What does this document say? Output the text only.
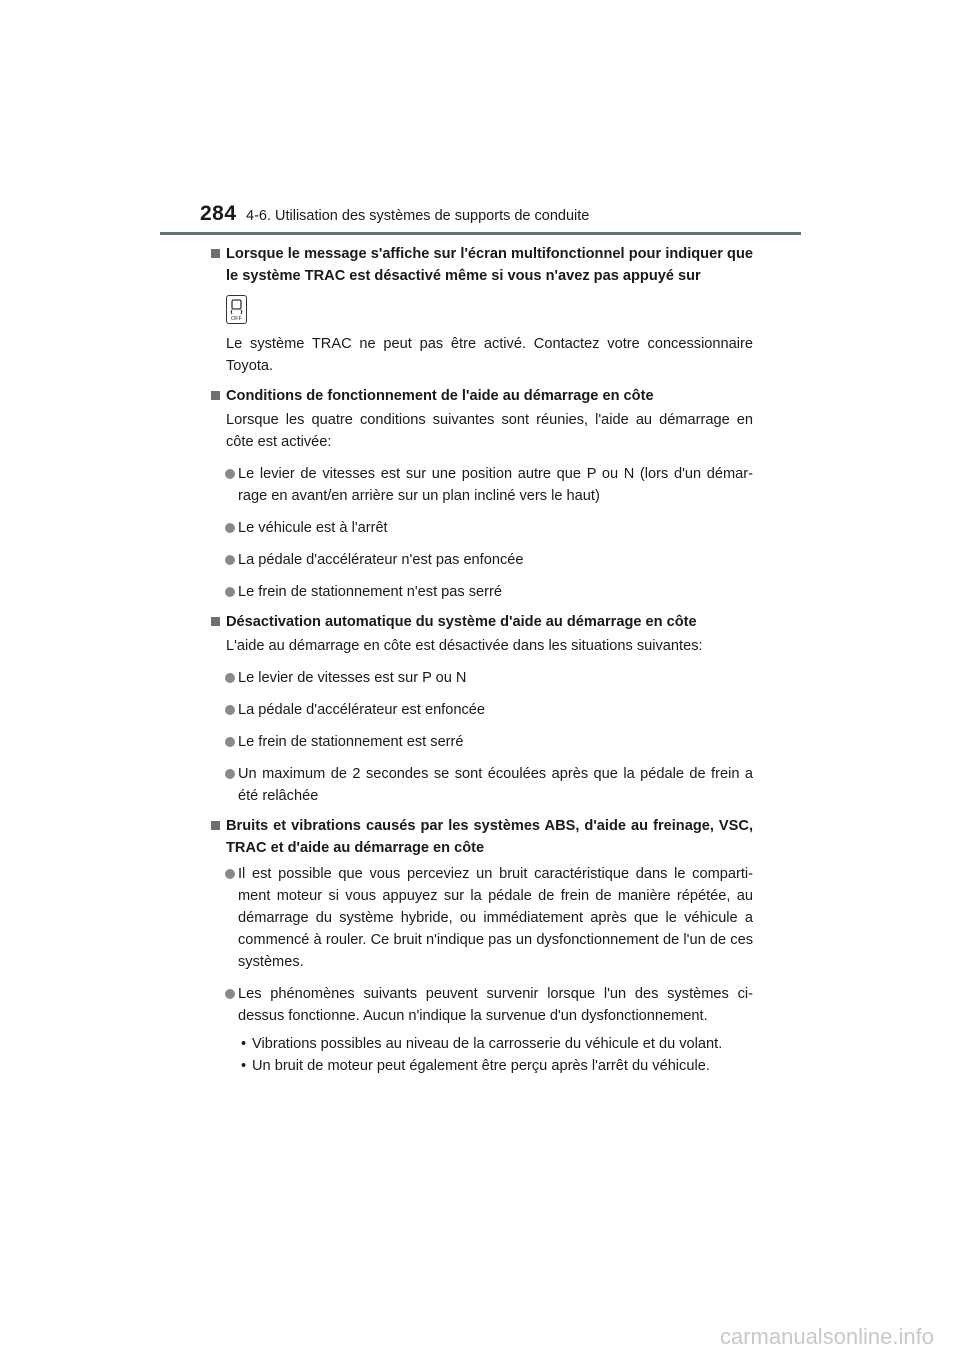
284 4-6. Utilisation des systèmes de supports de conduite
Lorsque le message s'affiche sur l'écran multifonctionnel pour indiquer que le système TRAC est désactivé même si vous n'avez pas appuyé sur
OFF
Le système TRAC ne peut pas être activé. Contactez votre concessionnaire Toyota.
Conditions de fonctionnement de l'aide au démarrage en côte
Lorsque les quatre conditions suivantes sont réunies, l'aide au démarrage en côte est activée:
Le levier de vitesses est sur une position autre que P ou N (lors d'un démar- rage en avant/en arrière sur un plan incliné vers le haut)
Le véhicule est à l'arrêt
La pédale d'accélérateur n'est pas enfoncée
Le frein de stationnement n'est pas serré
Désactivation automatique du système d'aide au démarrage en côte
L'aide au démarrage en côte est désactivée dans les situations suivantes:
Le levier de vitesses est sur P ou N
La pédale d'accélérateur est enfoncée
Le frein de stationnement est serré
Un maximum de 2 secondes se sont écoulées après que la pédale de frein a été relâchée
Bruits et vibrations causés par les systèmes ABS, d'aide au freinage, VSC, TRAC et d'aide au démarrage en côte
Il est possible que vous perceviez un bruit caractéristique dans le comparti- ment moteur si vous appuyez sur la pédale de frein de manière répétée, au démarrage du système hybride, ou immédiatement après que le véhicule a commencé à rouler. Ce bruit n'indique pas un dysfonctionnement de l'un de ces systèmes.
Les phénomènes suivants peuvent survenir lorsque l'un des systèmes ci- dessus fonctionne. Aucun n'indique la survenue d'un dysfonctionnement.
• Vibrations possibles au niveau de la carrosserie du véhicule et du volant.
• Un bruit de moteur peut également être perçu après l'arrêt du véhicule.
carmanualsonline.info
